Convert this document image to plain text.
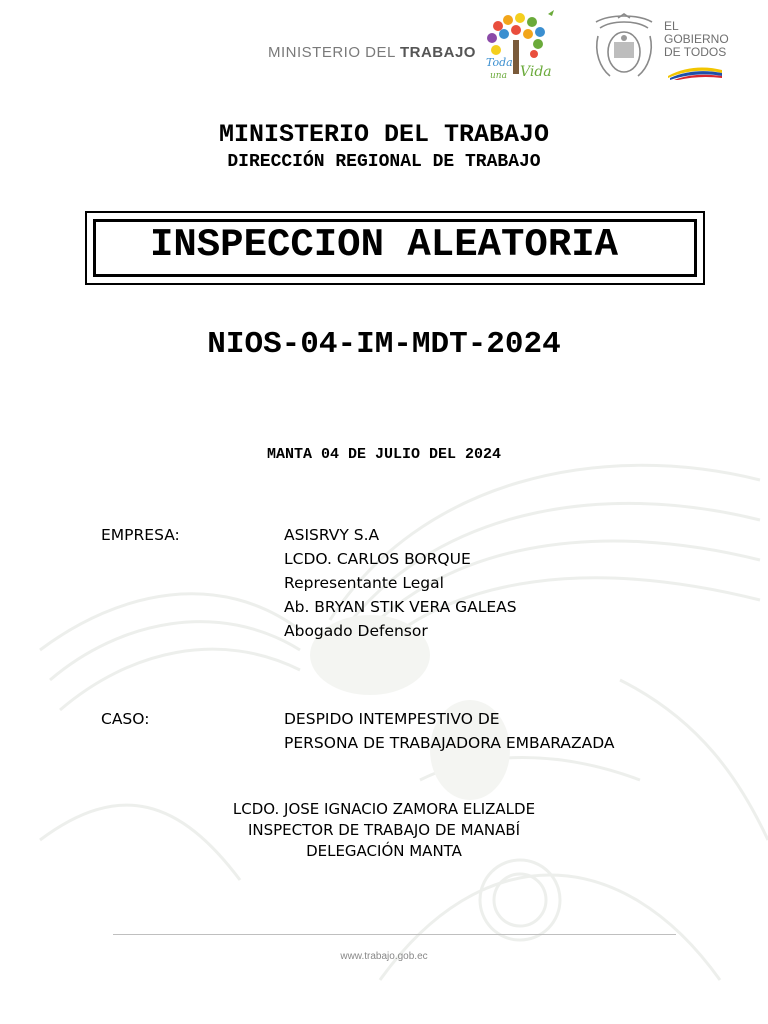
MINISTERIO DEL TRABAJO
Toda
una Vida
EL
GOBIERNO
DE TODOS
MINISTERIO DEL TRABAJO
DIRECCIÓN REGIONAL DE TRABAJO
INSPECCION ALEATORIA
NIOS-04-IM-MDT-2024
MANTA 04 DE JULIO DEL 2024
EMPRESA:	ASISRVY S.A
LCDO. CARLOS BORQUE
Representante Legal
Ab. BRYAN STIK VERA GALEAS
Abogado Defensor
CASO:	DESPIDO INTEMPESTIVO DE
PERSONA DE TRABAJADORA EMBARAZADA
LCDO. JOSE IGNACIO ZAMORA ELIZALDE
INSPECTOR DE TRABAJO DE MANABÍ
DELEGACIÓN MANTA
www.trabajo.gob.ec
